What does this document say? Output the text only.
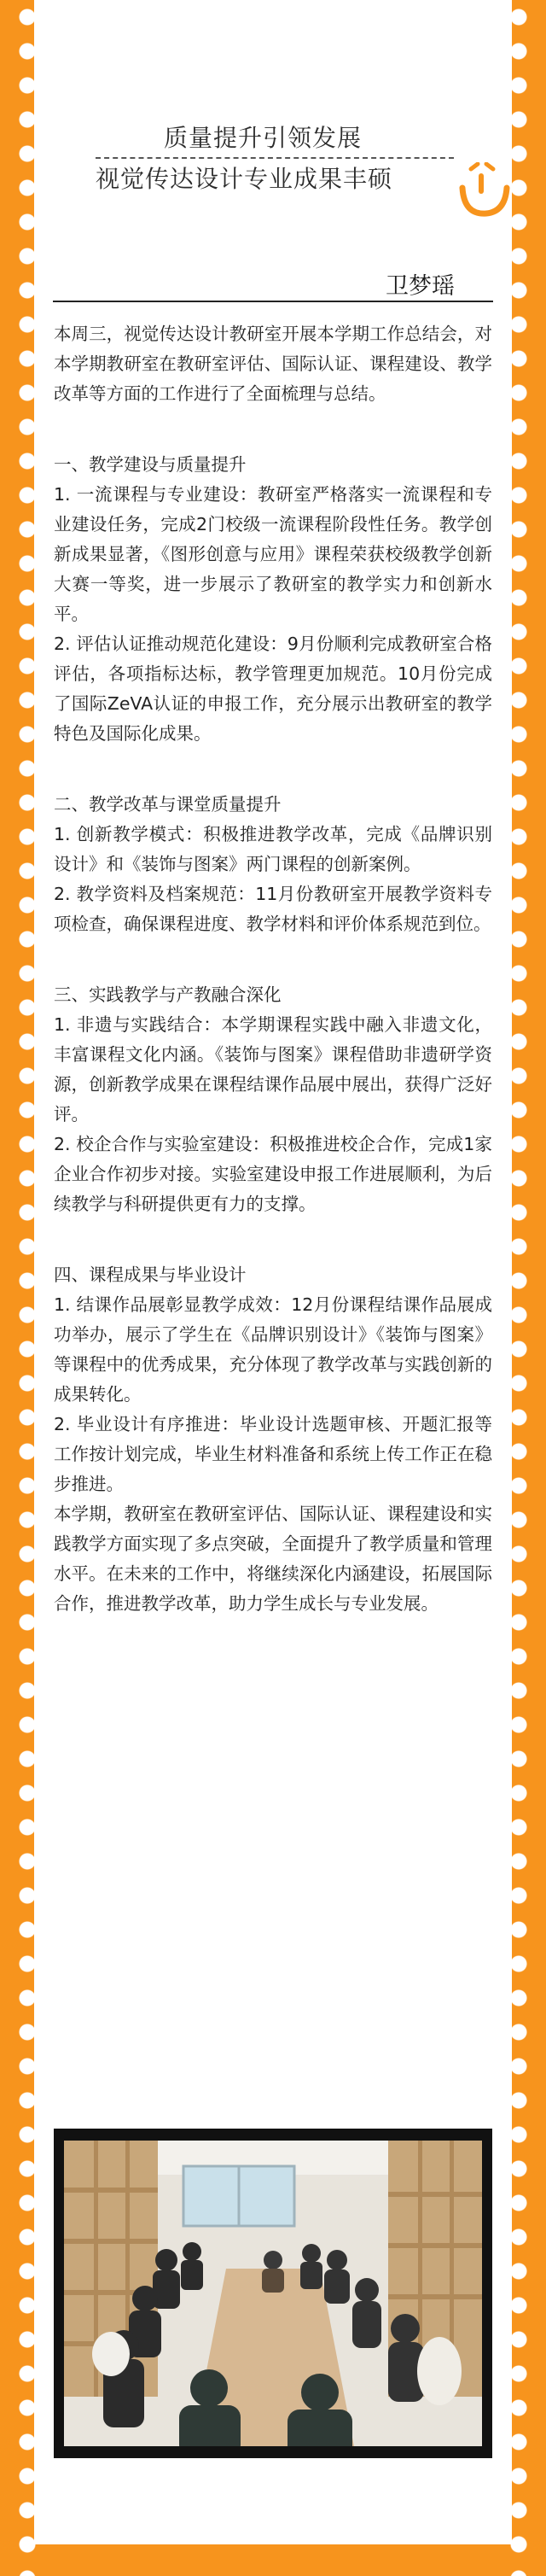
质量提升引领发展
视觉传达设计专业成果丰硕
卫梦瑶

本周三，视觉传达设计教研室开展本学期工作总结会，对本学期教研室在教研室评估、国际认证、课程建设、教学改革等方面的工作进行了全面梳理与总结。

一、教学建设与质量提升

1. 一流课程与专业建设：教研室严格落实一流课程和专业建设任务，完成2门校级一流课程阶段性任务。教学创新成果显著，《图形创意与应用》课程荣获校级教学创新大赛一等奖，进一步展示了教研室的教学实力和创新水平。

2. 评估认证推动规范化建设：9月份顺利完成教研室合格评估，各项指标达标，教学管理更加规范。10月份完成了国际ZeVA认证的申报工作，充分展示出教研室的教学特色及国际化成果。

二、教学改革与课堂质量提升

1. 创新教学模式：积极推进教学改革，完成《品牌识别设计》和《装饰与图案》两门课程的创新案例。

2. 教学资料及档案规范：11月份教研室开展教学资料专项检查，确保课程进度、教学材料和评价体系规范到位。

三、实践教学与产教融合深化

1. 非遗与实践结合：本学期课程实践中融入非遗文化，丰富课程文化内涵。《装饰与图案》课程借助非遗研学资源，创新教学成果在课程结课作品展中展出，获得广泛好评。

2. 校企合作与实验室建设：积极推进校企合作，完成1家企业合作初步对接。实验室建设申报工作进展顺利，为后续教学与科研提供更有力的支撑。

四、课程成果与毕业设计

1. 结课作品展彰显教学成效：12月份课程结课作品展成功举办，展示了学生在《品牌识别设计》《装饰与图案》等课程中的优秀成果，充分体现了教学改革与实践创新的成果转化。

2. 毕业设计有序推进：毕业设计选题审核、开题汇报等工作按计划完成，毕业生材料准备和系统上传工作正在稳步推进。

本学期，教研室在教研室评估、国际认证、课程建设和实践教学方面实现了多点突破，全面提升了教学质量和管理水平。在未来的工作中，将继续深化内涵建设，拓展国际合作，推进教学改革，助力学生成长与专业发展。
